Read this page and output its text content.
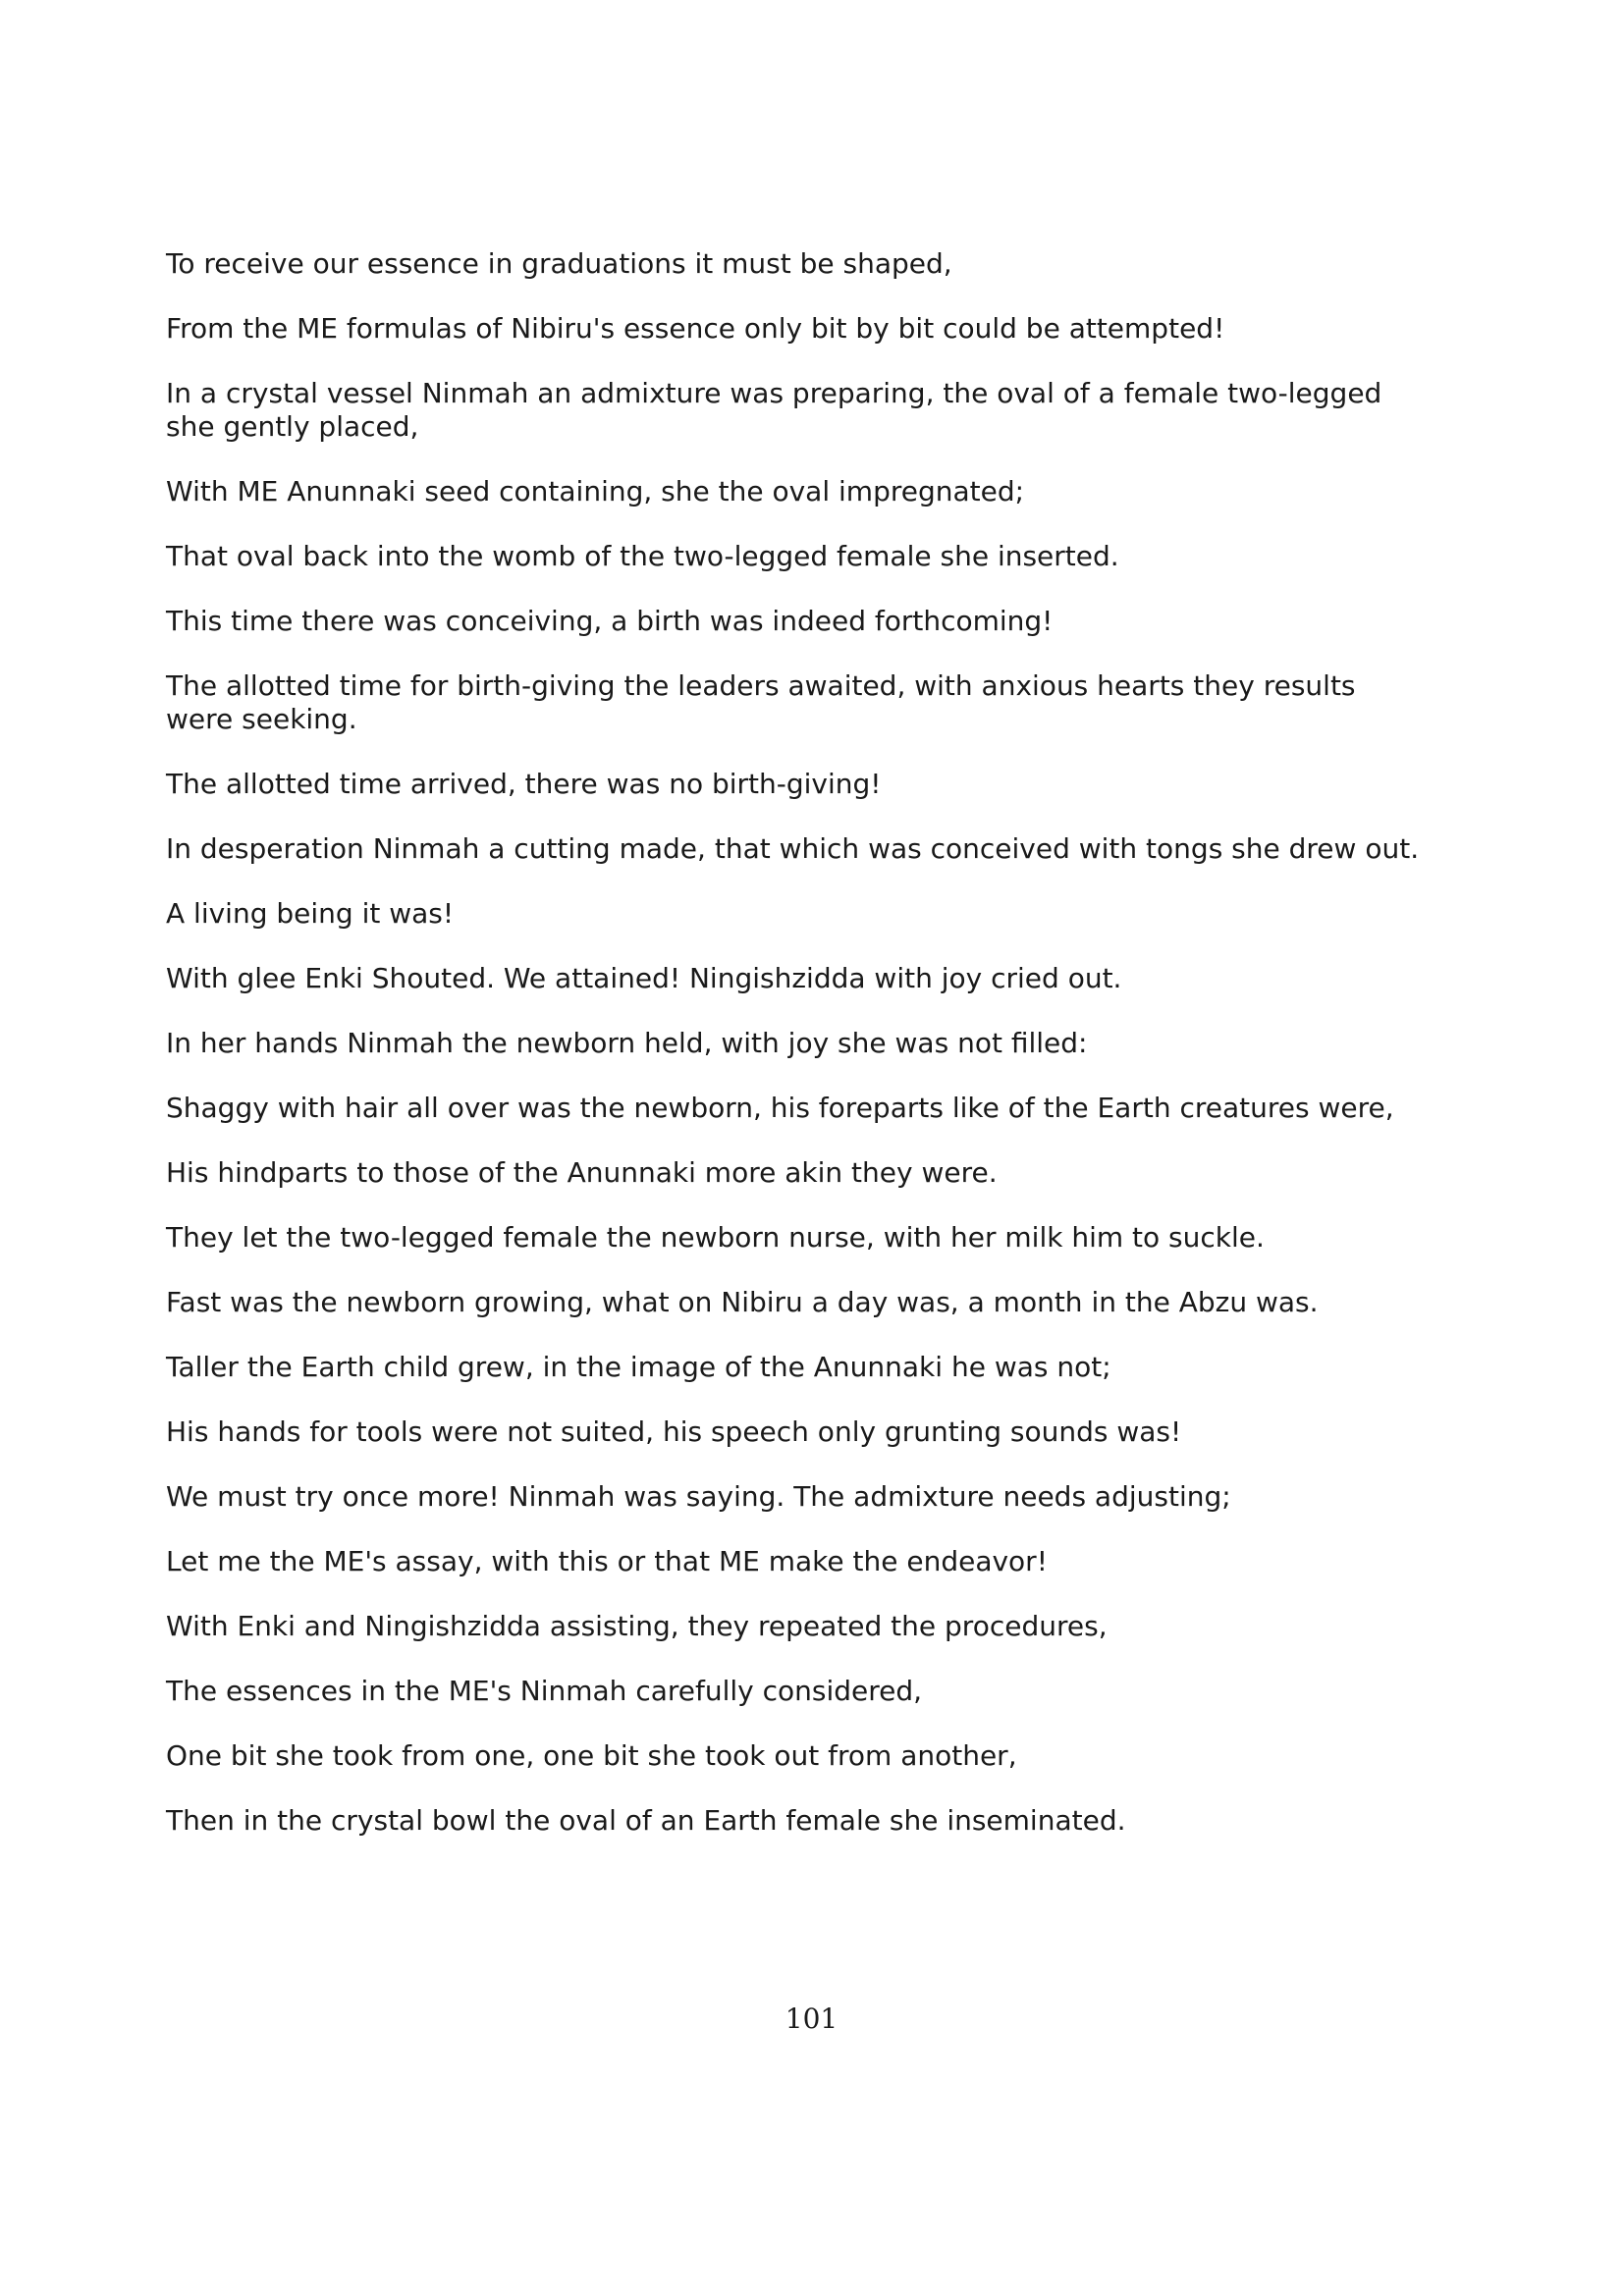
To receive our essence in graduations it must be shaped,

From the ME formulas of Nibiru's essence only bit by bit could be attempted!

In a crystal vessel Ninmah an admixture was preparing, the oval of a female two-legged she gently placed,

With ME Anunnaki seed containing, she the oval impregnated;

That oval back into the womb of the two-legged female she inserted.

This time there was conceiving, a birth was indeed forthcoming!

The allotted time for birth-giving the leaders awaited, with anxious hearts they results were seeking.

The allotted time arrived, there was no birth-giving!

In desperation Ninmah a cutting made, that which was conceived with tongs she drew out.

A living being it was!

With glee Enki Shouted. We attained! Ningishzidda with joy cried out.

In her hands Ninmah the newborn held, with joy she was not filled:

Shaggy with hair all over was the newborn, his foreparts like of the Earth creatures were,

His hindparts to those of the Anunnaki more akin they were.

They let the two-legged female the newborn nurse, with her milk him to suckle.

Fast was the newborn growing, what on Nibiru a day was, a month in the Abzu was.

Taller the Earth child grew, in the image of the Anunnaki he was not;

His hands for tools were not suited, his speech only grunting sounds was!

We must try once more! Ninmah was saying. The admixture needs adjusting;

Let me the ME's assay, with this or that ME make the endeavor!

With Enki and Ningishzidda assisting, they repeated the procedures,

The essences in the ME's Ninmah carefully considered,

One bit she took from one, one bit she took out from another,

Then in the crystal bowl the oval of an Earth female she inseminated.

101
